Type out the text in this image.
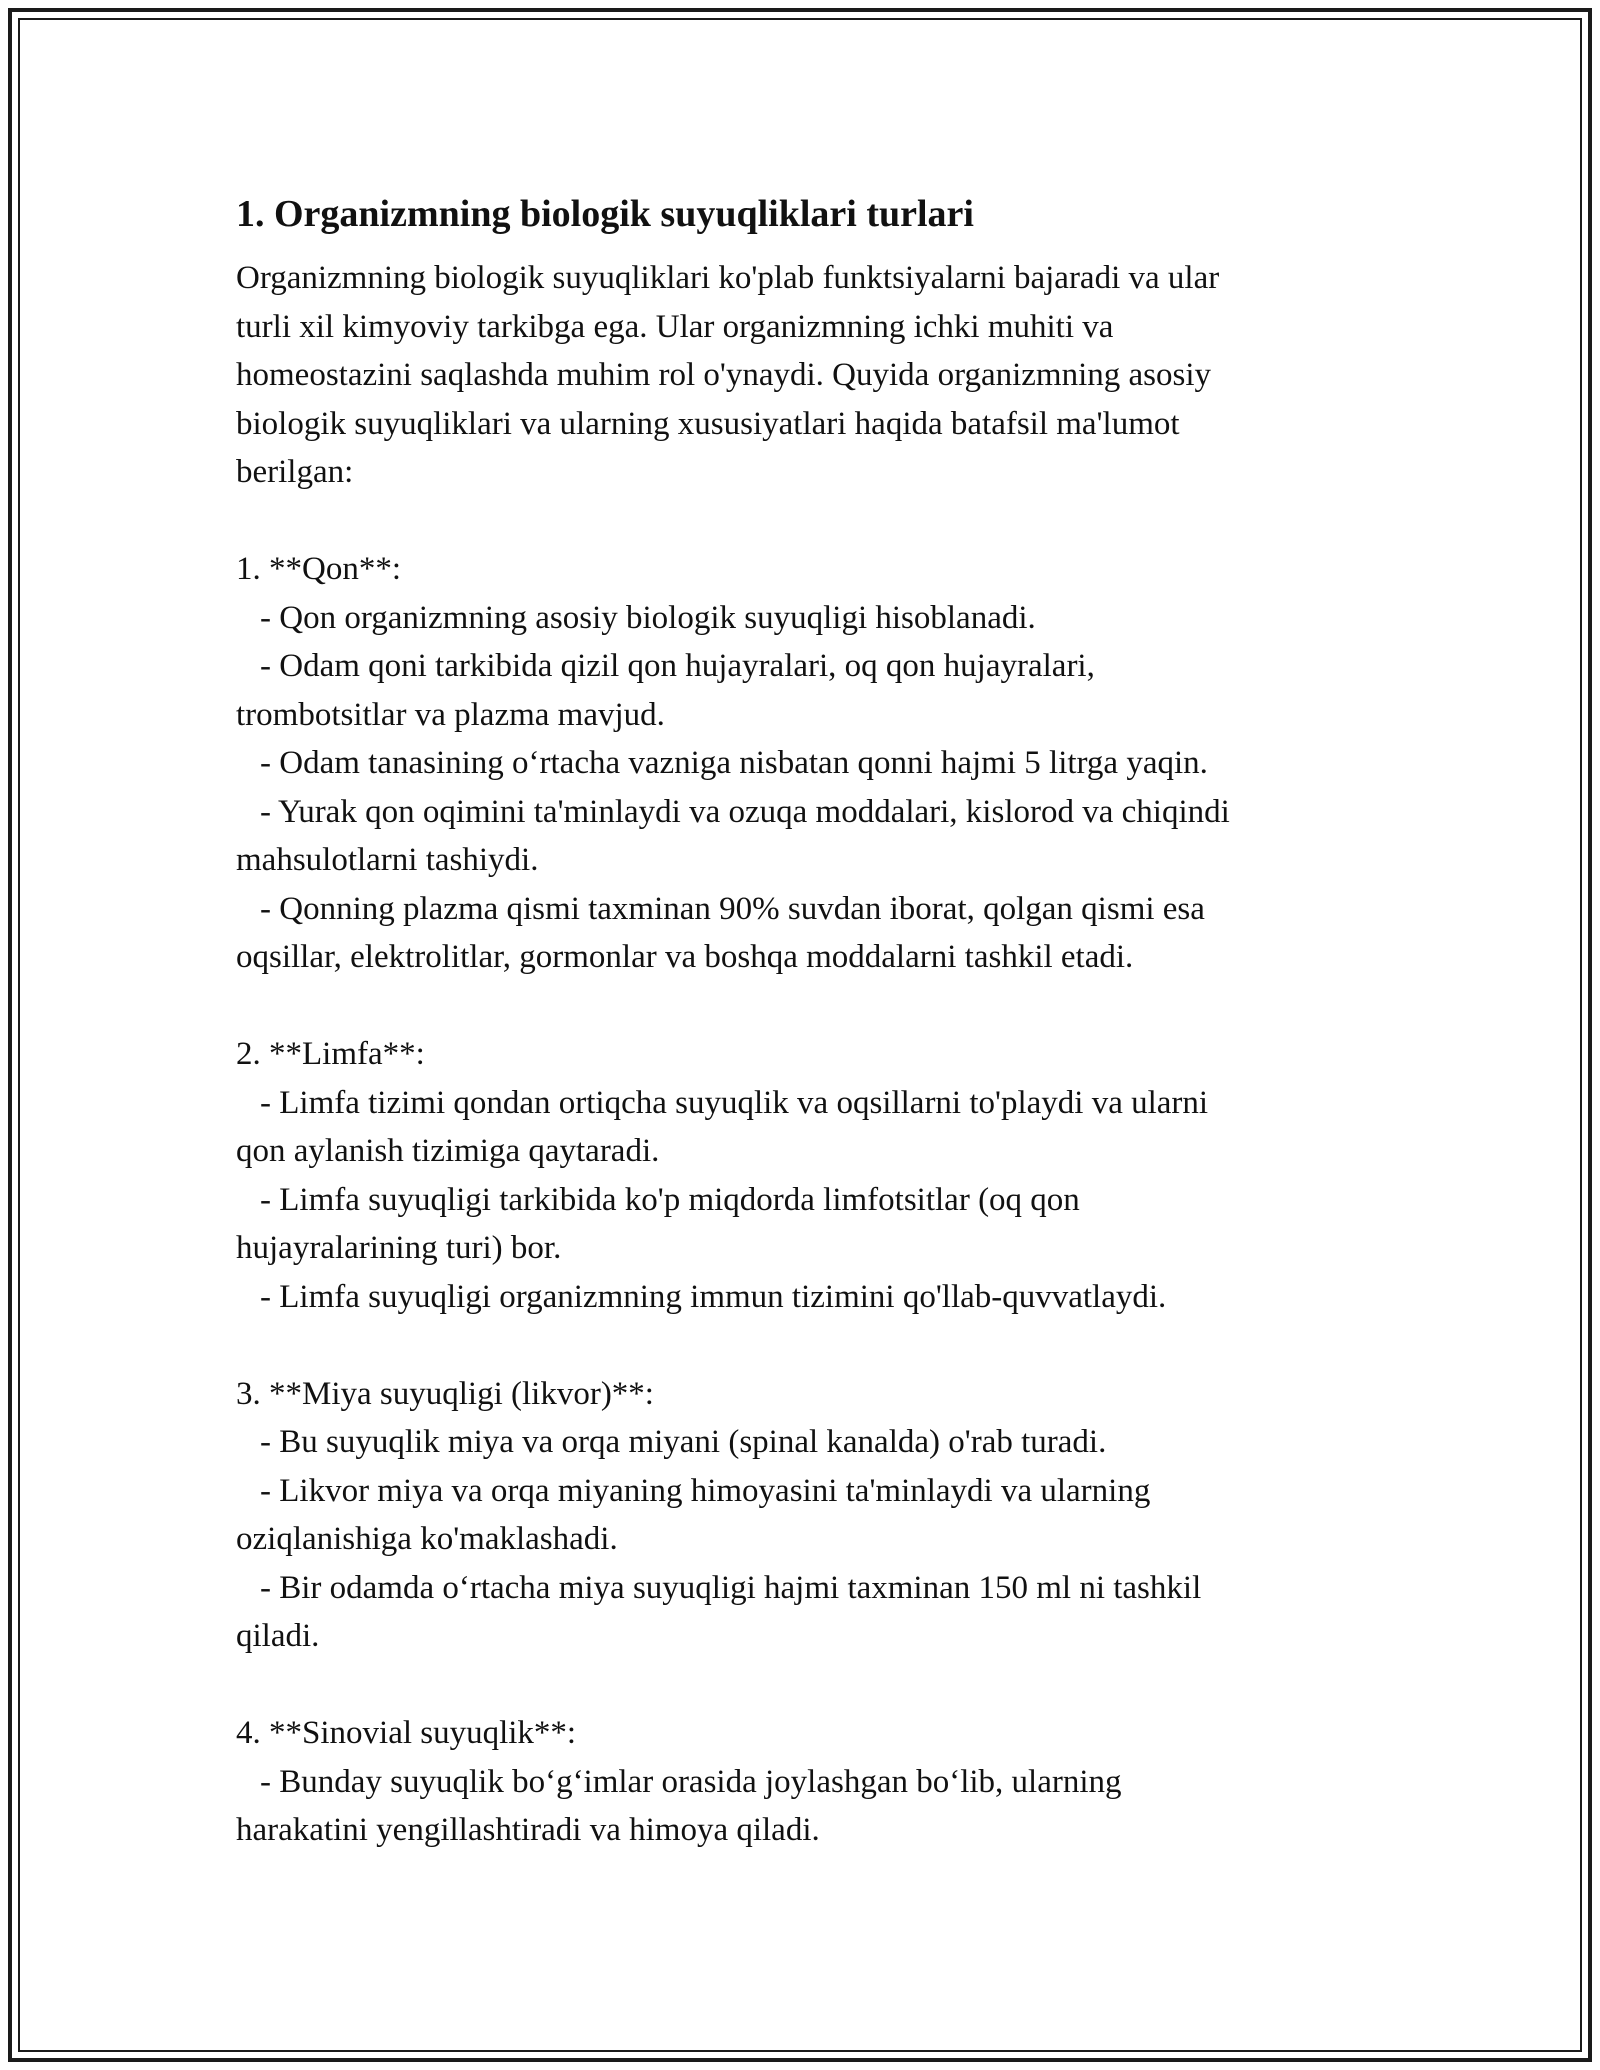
1. Organizmning biologik suyuqliklari turlari
Organizmning biologik suyuqliklari ko'plab funktsiyalarni bajaradi va ular
turli xil kimyoviy tarkibga ega. Ular organizmning ichki muhiti va
homeostazini saqlashda muhim rol o'ynaydi. Quyida organizmning asosiy
biologik suyuqliklari va ularning xususiyatlari haqida batafsil ma'lumot
berilgan:
1. **Qon**:
- Qon organizmning asosiy biologik suyuqligi hisoblanadi.
- Odam qoni tarkibida qizil qon hujayralari, oq qon hujayralari,
trombotsitlar va plazma mavjud.
- Odam tanasining o‘rtacha vazniga nisbatan qonni hajmi 5 litrga yaqin.
- Yurak qon oqimini ta'minlaydi va ozuqa moddalari, kislorod va chiqindi
mahsulotlarni tashiydi.
- Qonning plazma qismi taxminan 90% suvdan iborat, qolgan qismi esa
oqsillar, elektrolitlar, gormonlar va boshqa moddalarni tashkil etadi.
2. **Limfa**:
- Limfa tizimi qondan ortiqcha suyuqlik va oqsillarni to'playdi va ularni
qon aylanish tizimiga qaytaradi.
- Limfa suyuqligi tarkibida ko'p miqdorda limfotsitlar (oq qon
hujayralarining turi) bor.
- Limfa suyuqligi organizmning immun tizimini qo'llab-quvvatlaydi.
3. **Miya suyuqligi (likvor)**:
- Bu suyuqlik miya va orqa miyani (spinal kanalda) o'rab turadi.
- Likvor miya va orqa miyaning himoyasini ta'minlaydi va ularning
oziqlanishiga ko'maklashadi.
- Bir odamda o‘rtacha miya suyuqligi hajmi taxminan 150 ml ni tashkil
qiladi.
4. **Sinovial suyuqlik**:
- Bunday suyuqlik bo‘g‘imlar orasida joylashgan bo‘lib, ularning
harakatini yengillashtiradi va himoya qiladi.
